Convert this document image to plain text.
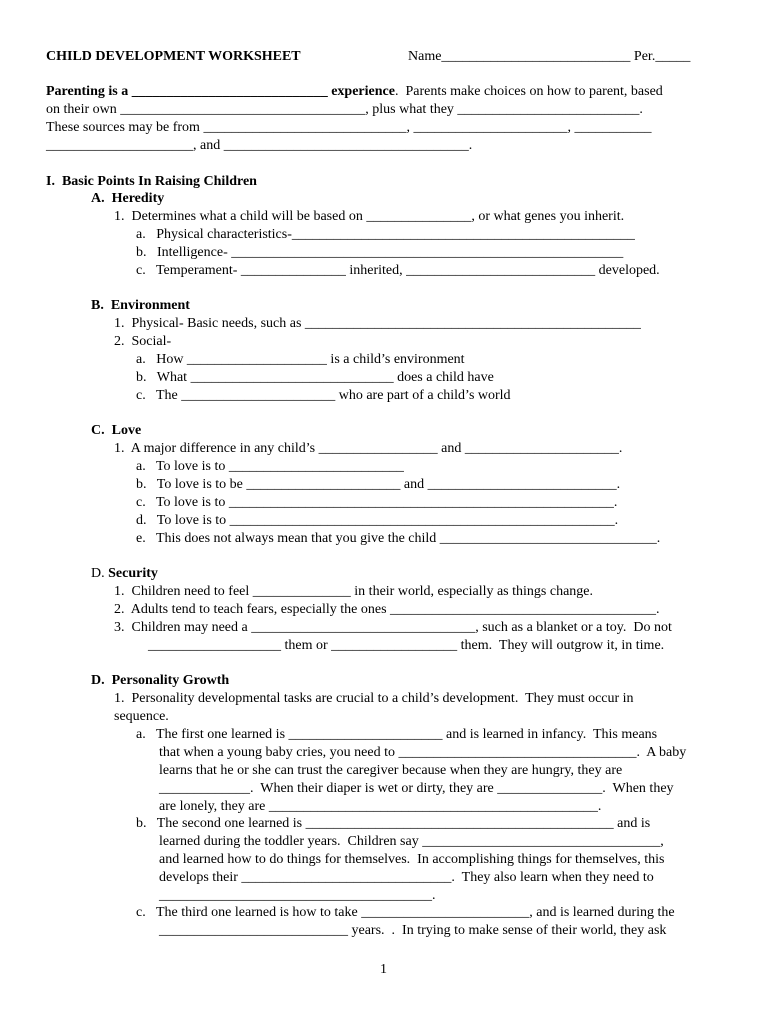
CHILD DEVELOPMENT WORKSHEET	Name___________________________ Per._____
Parenting is a ____________________________ experience.  Parents make choices on how to parent, based
on their own ___________________________________, plus what they __________________________.
These sources may be from _____________________________, ______________________, ___________
_____________________, and ___________________________________.
I.  Basic Points In Raising Children
A.  Heredity
1.  Determines what a child will be based on _______________, or what genes you inherit.
a.   Physical characteristics-_________________________________________________
b.   Intelligence- ________________________________________________________
c.   Temperament- _______________ inherited, ___________________________ developed.
B.  Environment
1.  Physical- Basic needs, such as ________________________________________________
2.  Social-
a.   How ____________________ is a child’s environment
b.   What _____________________________ does a child have
c.   The ______________________ who are part of a child’s world
C.  Love
1.  A major difference in any child’s _________________ and ______________________.
a.   To love is to _________________________
b.   To love is to be ______________________ and ___________________________.
c.   To love is to _______________________________________________________.
d.   To love is to _______________________________________________________.
e.   This does not always mean that you give the child _______________________________.
D. Security
1.  Children need to feel ______________ in their world, especially as things change.
2.  Adults tend to teach fears, especially the ones ______________________________________.
3.  Children may need a ________________________________, such as a blanket or a toy.  Do not
___________________ them or __________________ them.  They will outgrow it, in time.
D.  Personality Growth
1.  Personality developmental tasks are crucial to a child’s development.  They must occur in
sequence.
a.   The first one learned is ______________________ and is learned in infancy.  This means
that when a young baby cries, you need to __________________________________.  A baby
learns that he or she can trust the caregiver because when they are hungry, they are
_____________.  When their diaper is wet or dirty, they are _______________.  When they
are lonely, they are _______________________________________________.
b.   The second one learned is ____________________________________________ and is
learned during the toddler years.  Children say __________________________________,
and learned how to do things for themselves.  In accomplishing things for themselves, this
develops their ______________________________.  They also learn when they need to
_______________________________________.
c.   The third one learned is how to take ________________________, and is learned during the
___________________________ years.  .  In trying to make sense of their world, they ask
1
